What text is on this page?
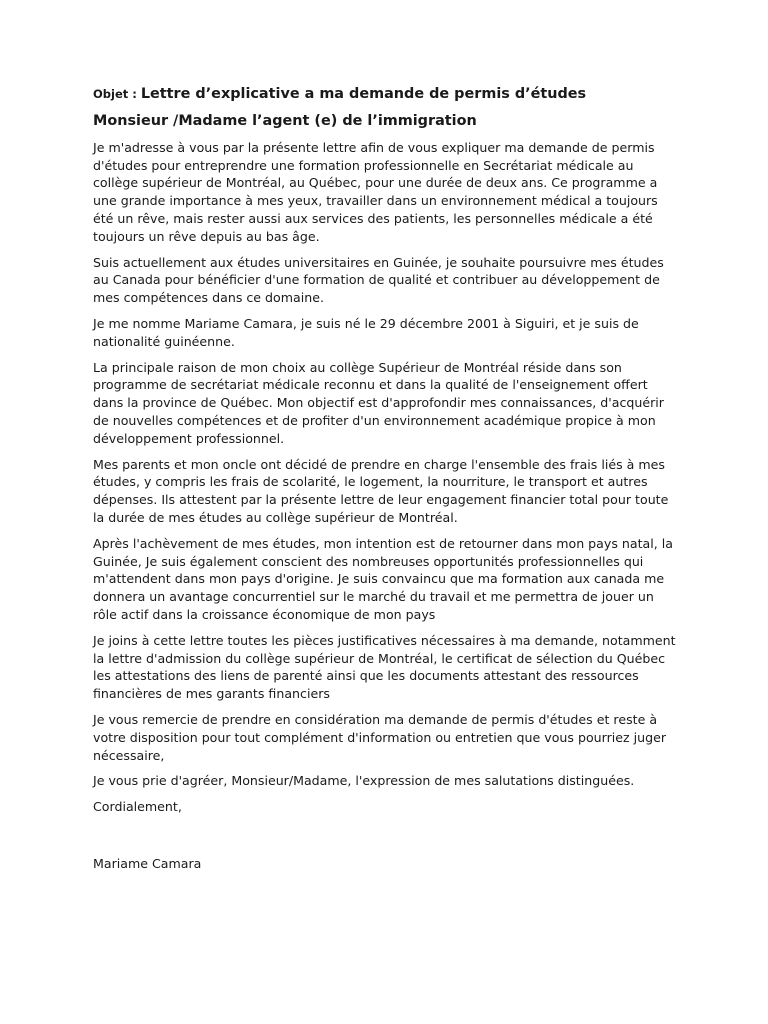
Objet : Lettre d’explicative a ma demande de permis d’études

Monsieur /Madame l’agent (e) de l’immigration

Je m'adresse à vous par la présente lettre afin de vous expliquer ma demande de permis d'études pour entreprendre une formation professionnelle en Secrétariat médicale au collège supérieur de Montréal, au Québec, pour une durée de deux ans. Ce programme a une grande importance à mes yeux, travailler dans un environnement médical a toujours été un rêve, mais rester aussi aux services des patients, les personnelles médicale a été toujours un rêve depuis au bas âge.

Suis actuellement aux études universitaires en Guinée, je souhaite poursuivre mes études au Canada pour bénéficier d'une formation de qualité et contribuer au développement de mes compétences dans ce domaine.

Je me nomme Mariame Camara, je suis né le 29 décembre 2001 à Siguiri, et je suis de nationalité guinéenne.

La principale raison de mon choix au collège Supérieur de Montréal réside dans son programme de secrétariat médicale reconnu et dans la qualité de l'enseignement offert dans la province de Québec. Mon objectif est d'approfondir mes connaissances, d'acquérir de nouvelles compétences et de profiter d'un environnement académique propice à mon développement professionnel.

Mes parents et mon oncle ont décidé de prendre en charge l'ensemble des frais liés à mes études, y compris les frais de scolarité, le logement, la nourriture, le transport et autres dépenses. Ils attestent par la présente lettre de leur engagement financier total pour toute la durée de mes études au collège supérieur de Montréal.

Après l'achèvement de mes études, mon intention est de retourner dans mon pays natal, la Guinée, Je suis également conscient des nombreuses opportunités professionnelles qui m'attendent dans mon pays d'origine. Je suis convaincu que ma formation aux canada me donnera un avantage concurrentiel sur le marché du travail et me permettra de jouer un rôle actif dans la croissance économique de mon pays

Je joins à cette lettre toutes les pièces justificatives nécessaires à ma demande, notamment la lettre d'admission du collège supérieur de Montréal, le certificat de sélection du Québec les attestations des liens de parenté ainsi que les documents attestant des ressources financières de mes garants financiers

Je vous remercie de prendre en considération ma demande de permis d'études et reste à votre disposition pour tout complément d'information ou entretien que vous pourriez juger nécessaire,

Je vous prie d'agréer, Monsieur/Madame, l'expression de mes salutations distinguées.

Cordialement,

Mariame Camara
